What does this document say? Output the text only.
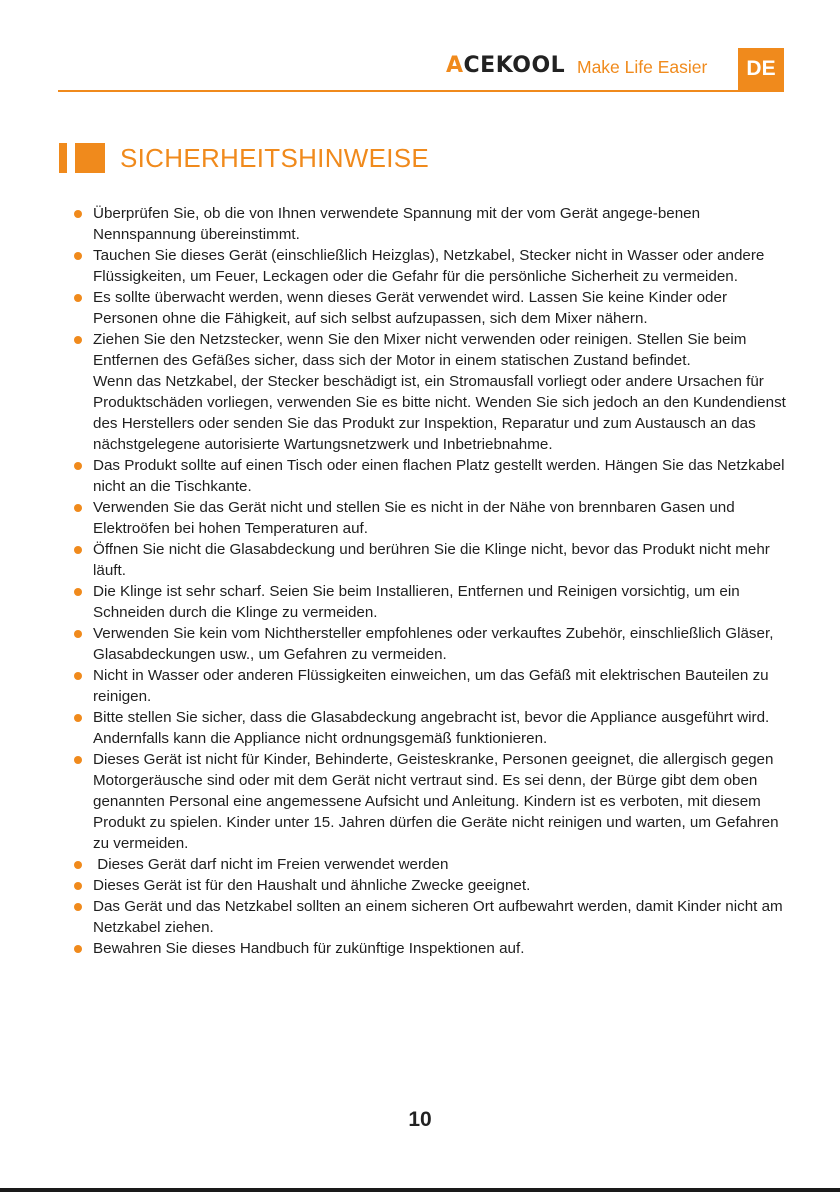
ACEKOOL Make Life Easier	DE
SICHERHEITSHINWEISE
Überprüfen Sie, ob die von Ihnen verwendete Spannung mit der vom Gerät angege-benen Nennspannung übereinstimmt.
Tauchen Sie dieses Gerät (einschließlich Heizglas), Netzkabel, Stecker nicht in Wasser oder andere Flüssigkeiten, um Feuer, Leckagen oder die Gefahr für die persönliche Sicherheit zu vermeiden.
Es sollte überwacht werden, wenn dieses Gerät verwendet wird. Lassen Sie keine Kinder oder Personen ohne die Fähigkeit, auf sich selbst aufzupassen, sich dem Mixer nähern.
Ziehen Sie den Netzstecker, wenn Sie den Mixer nicht verwenden oder reinigen. Stellen Sie beim Entfernen des Gefäßes sicher, dass sich der Motor in einem statischen Zustand befindet.
Wenn das Netzkabel, der Stecker beschädigt ist, ein Stromausfall vorliegt oder andere Ursachen für Produktschäden vorliegen, verwenden Sie es bitte nicht. Wenden Sie sich jedoch an den Kundendienst des Herstellers oder senden Sie das Produkt zur Inspektion, Reparatur und zum Austausch an das nächstgelegene autorisierte Wartungsnetzwerk und Inbetriebnahme.
Das Produkt sollte auf einen Tisch oder einen flachen Platz gestellt werden. Hängen Sie das Netzkabel nicht an die Tischkante.
Verwenden Sie das Gerät nicht und stellen Sie es nicht in der Nähe von brennbaren Gasen und Elektroöfen bei hohen Temperaturen auf.
Öffnen Sie nicht die Glasabdeckung und berühren Sie die Klinge nicht, bevor das Produkt nicht mehr läuft.
Die Klinge ist sehr scharf. Seien Sie beim Installieren, Entfernen und Reinigen vorsichtig, um ein Schneiden durch die Klinge zu vermeiden.
Verwenden Sie kein vom Nichthersteller empfohlenes oder verkauftes Zubehör, einschließlich Gläser, Glasabdeckungen usw., um Gefahren zu vermeiden.
Nicht in Wasser oder anderen Flüssigkeiten einweichen, um das Gefäß mit elektrischen Bauteilen zu reinigen.
Bitte stellen Sie sicher, dass die Glasabdeckung angebracht ist, bevor die Appliance ausgeführt wird. Andernfalls kann die Appliance nicht ordnungsgemäß funktionieren.
Dieses Gerät ist nicht für Kinder, Behinderte, Geisteskranke, Personen geeignet, die allergisch gegen Motorgeräusche sind oder mit dem Gerät nicht vertraut sind. Es sei denn, der Bürge gibt dem oben genannten Personal eine angemessene Aufsicht und Anleitung. Kindern ist es verboten, mit diesem Produkt zu spielen. Kinder unter 15. Jahren dürfen die Geräte nicht reinigen und warten, um Gefahren zu vermeiden.
Dieses Gerät darf nicht im Freien verwendet werden
Dieses Gerät ist für den Haushalt und ähnliche Zwecke geeignet.
Das Gerät und das Netzkabel sollten an einem sicheren Ort aufbewahrt werden, damit Kinder nicht am Netzkabel ziehen.
Bewahren Sie dieses Handbuch für zukünftige Inspektionen auf.
10
